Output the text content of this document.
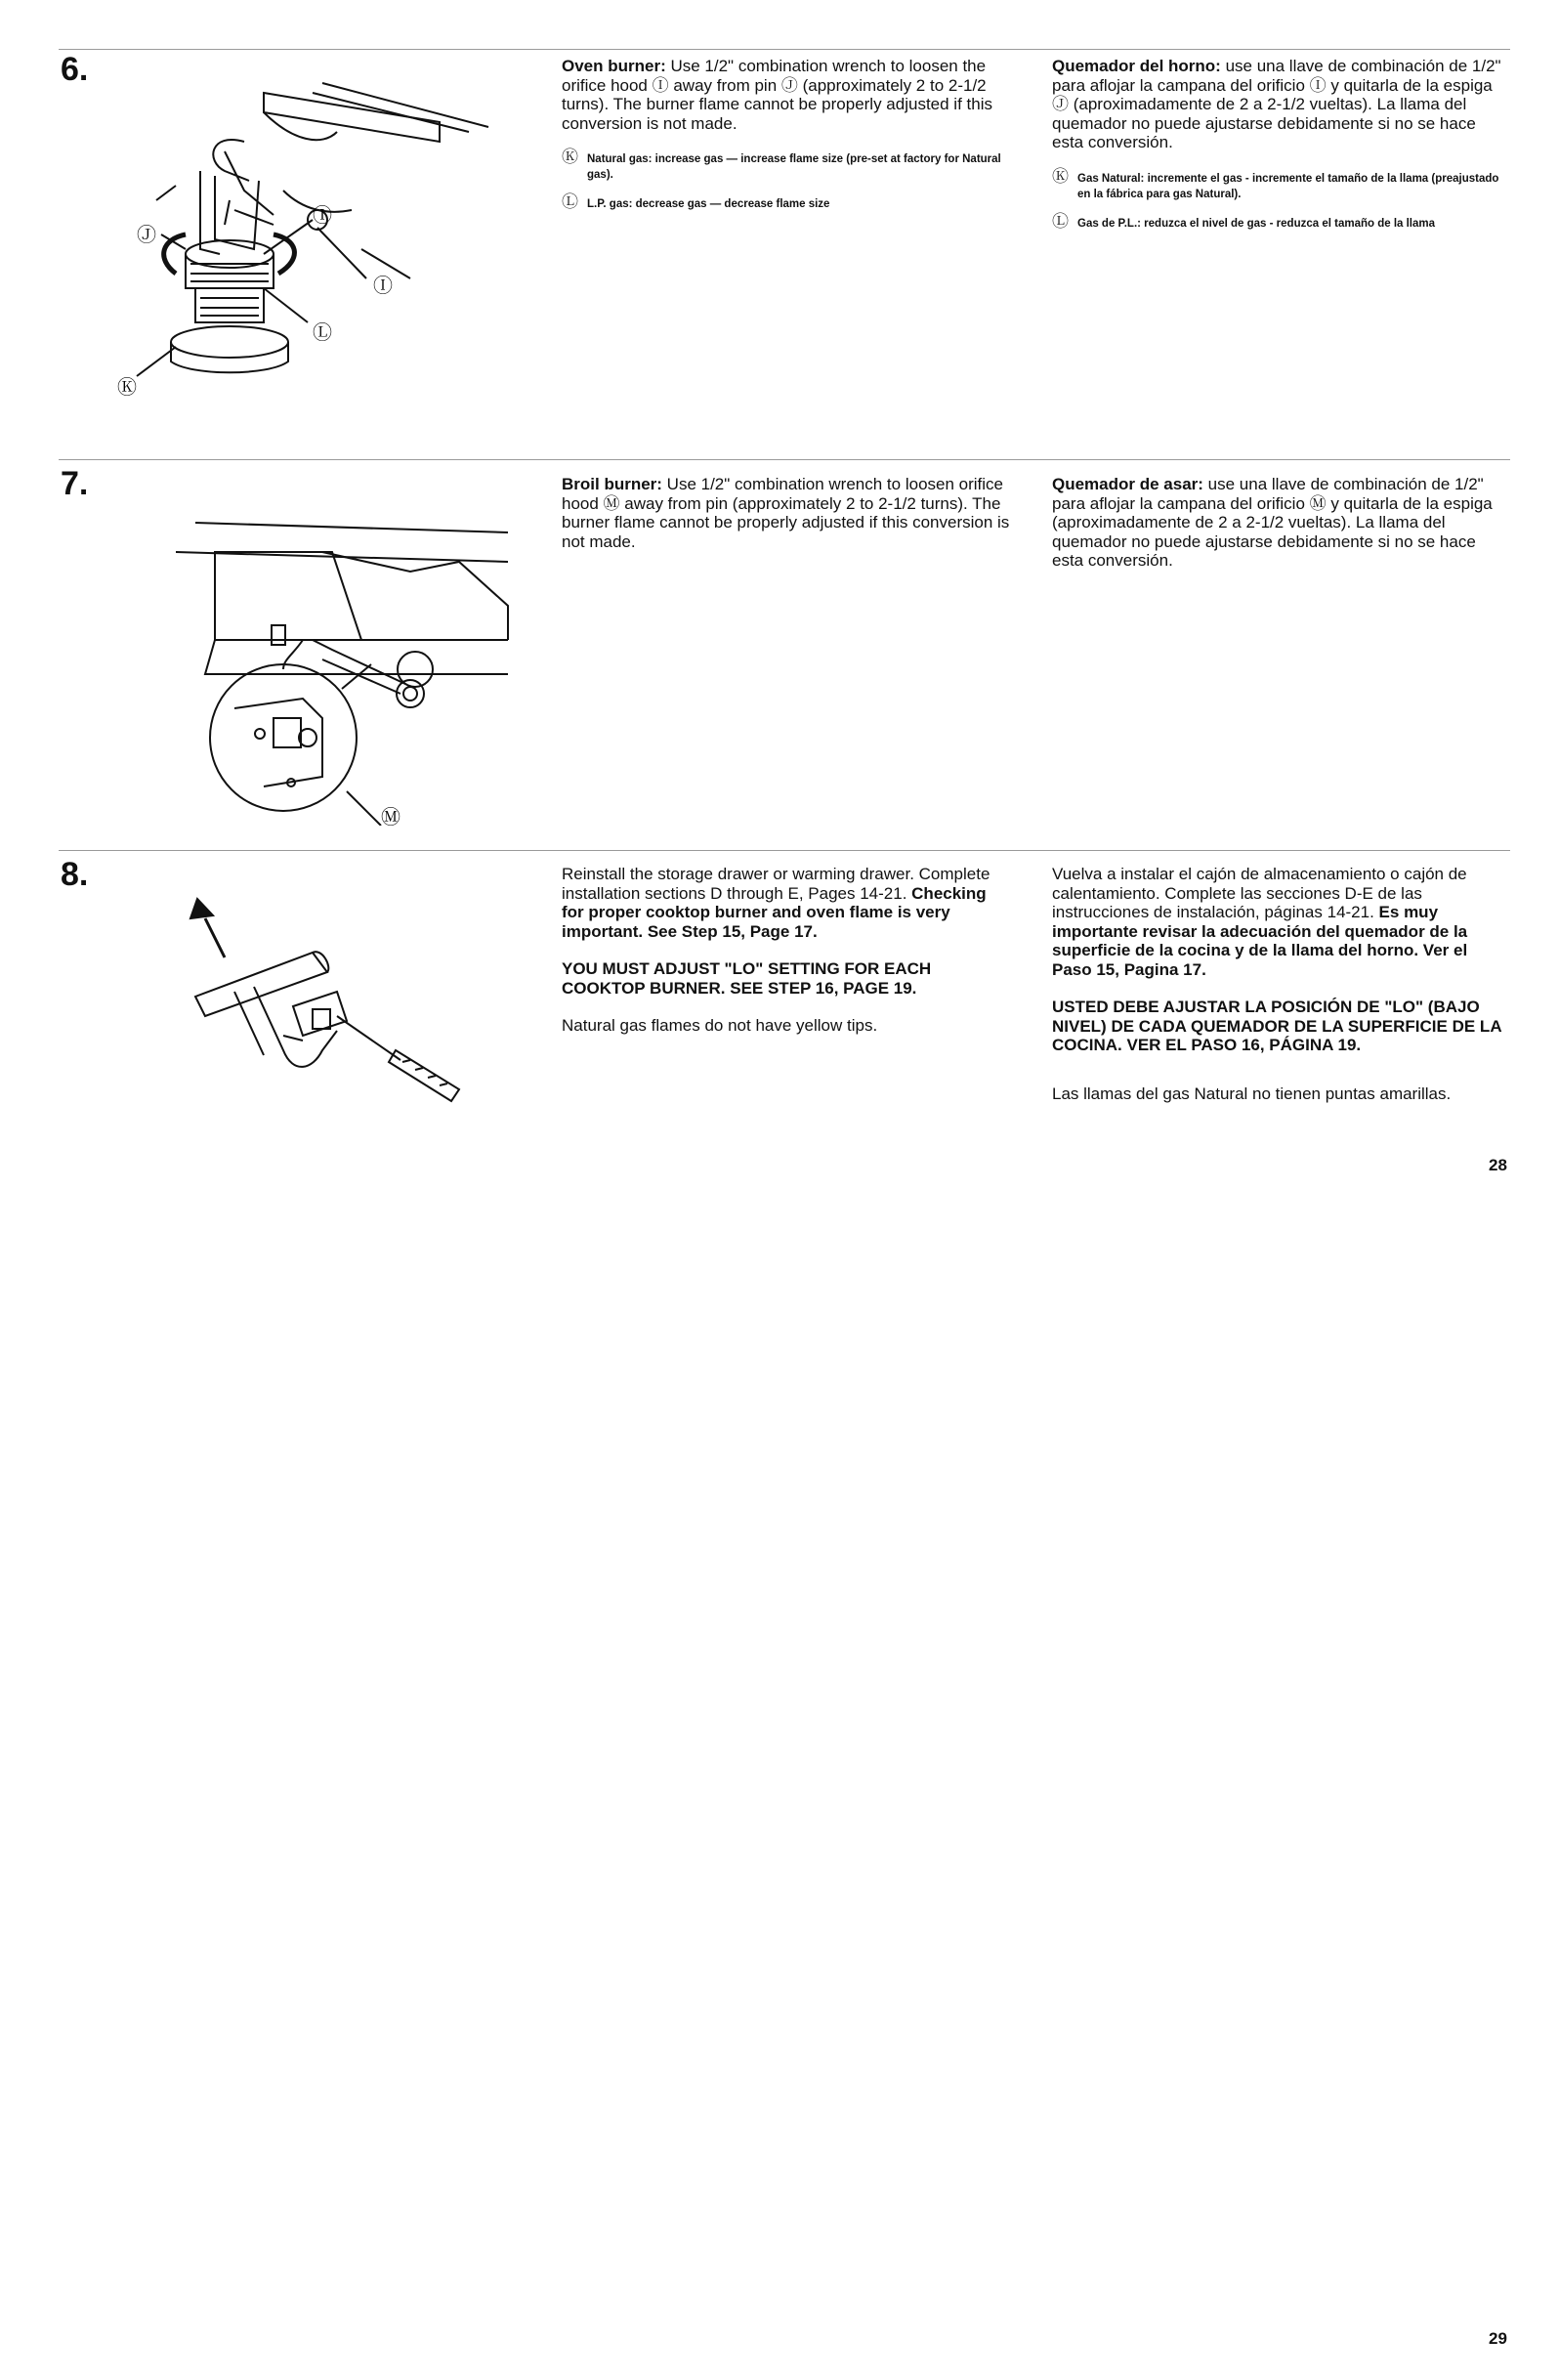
6.
Ⓘ
Ⓘ
Ⓙ
Ⓛ
Ⓚ

Oven burner: Use 1/2" combination wrench to loosen the orifice hood Ⓘ away from pin Ⓙ (approximately 2 to 2-1/2 turns). The burner flame cannot be properly adjusted if this conversion is not made.

Ⓚ Natural gas: increase gas — increase flame size (pre-set at factory for Natural gas).
Ⓛ L.P. gas: decrease gas — decrease flame size

Quemador del horno: use una llave de combinación de 1/2" para aflojar la campana del orificio Ⓘ y quitarla de la espiga Ⓙ (aproximadamente de 2 a 2-1/2 vueltas). La llama del quemador no puede ajustarse debidamente si no se hace esta conversión.

Ⓚ Gas Natural: incremente el gas - incremente el tamaño de la llama (preajustado en la fábrica para gas Natural).
Ⓛ Gas de P.L.: reduzca el nivel de gas - reduzca el tamaño de la llama
7.
Ⓜ

Broil burner: Use 1/2" combination wrench to loosen orifice hood Ⓜ away from pin (approximately 2 to 2-1/2 turns). The burner flame cannot be properly adjusted if this conversion is not made.

Quemador de asar: use una llave de combinación de 1/2" para aflojar la campana del orificio Ⓜ y quitarla de la espiga (aproximadamente de 2 a 2-1/2 vueltas). La llama del quemador no puede ajustarse debidamente si no se hace esta conversión.

8.	Reinstall the storage drawer or warming drawer. Complete installation sections D through E, Pages 14-21. Checking for proper cooktop burner and oven flame is very important. See Step 15, Page 17.

YOU MUST ADJUST "LO" SETTING FOR EACH COOKTOP BURNER. SEE STEP 16, PAGE 19.

Natural gas flames do not have yellow tips.

Vuelva a instalar el cajón de almacenamiento o cajón de calentamiento. Complete las secciones D-E de las instrucciones de instalación, páginas 14-21. Es muy importante revisar la adecuación del quemador de la superficie de la cocina y de la llama del horno. Ver el Paso 15, Pagina 17.

USTED DEBE AJUSTAR LA POSICIÓN DE "LO" (BAJO NIVEL) DE CADA QUEMADOR DE LA SUPERFICIE DE LA COCINA. VER EL PASO 16, PÁGINA 19.

Las llamas del gas Natural no tienen puntas amarillas.

28
29
